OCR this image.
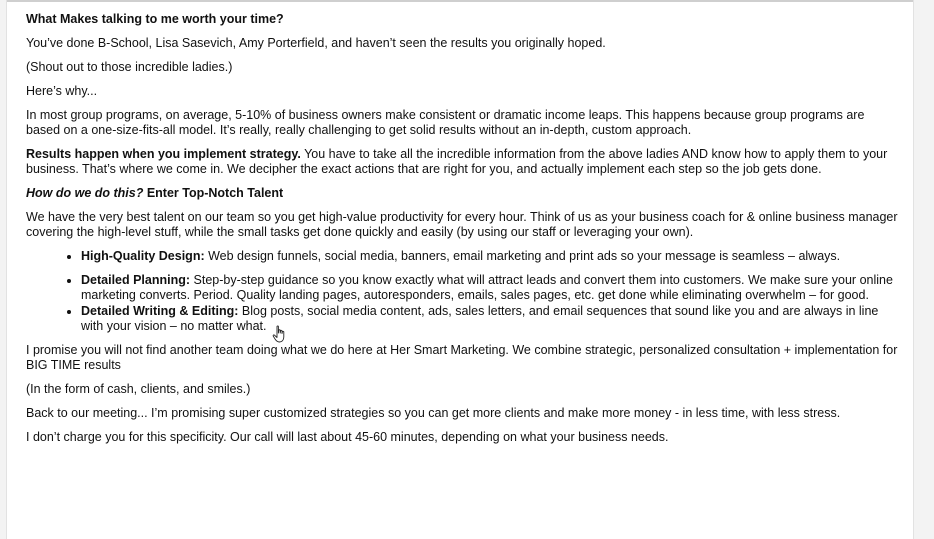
What Makes talking to me worth your time?

You’ve done B-School, Lisa Sasevich, Amy Porterfield, and haven’t seen the results you originally hoped.

(Shout out to those incredible ladies.)

Here’s why...

In most group programs, on average, 5-10% of business owners make consistent or dramatic income leaps. This happens because group programs are based on a one-size-fits-all model. It’s really, really challenging to get solid results without an in-depth, custom approach.

Results happen when you implement strategy. You have to take all the incredible information from the above ladies AND know how to apply them to your business. That’s where we come in. We decipher the exact actions that are right for you, and actually implement each step so the job gets done.

How do we do this? Enter Top-Notch Talent

We have the very best talent on our team so you get high-value productivity for every hour. Think of us as your business coach for & online business manager covering the high-level stuff, while the small tasks get done quickly and easily (by using our staff or leveraging your own).

• High-Quality Design: Web design funnels, social media, banners, email marketing and print ads so your message is seamless – always.
• Detailed Planning: Step-by-step guidance so you know exactly what will attract leads and convert them into customers. We make sure your online marketing converts. Period. Quality landing pages, autoresponders, emails, sales pages, etc. get done while eliminating overwhelm – for good.
• Detailed Writing & Editing: Blog posts, social media content, ads, sales letters, and email sequences that sound like you and are always in line with your vision – no matter what.

I promise you will not find another team doing what we do here at Her Smart Marketing. We combine strategic, personalized consultation + implementation for BIG TIME results

(In the form of cash, clients, and smiles.)

Back to our meeting... I’m promising super customized strategies so you can get more clients and make more money - in less time, with less stress.

I don’t charge you for this specificity. Our call will last about 45-60 minutes, depending on what your business needs.
